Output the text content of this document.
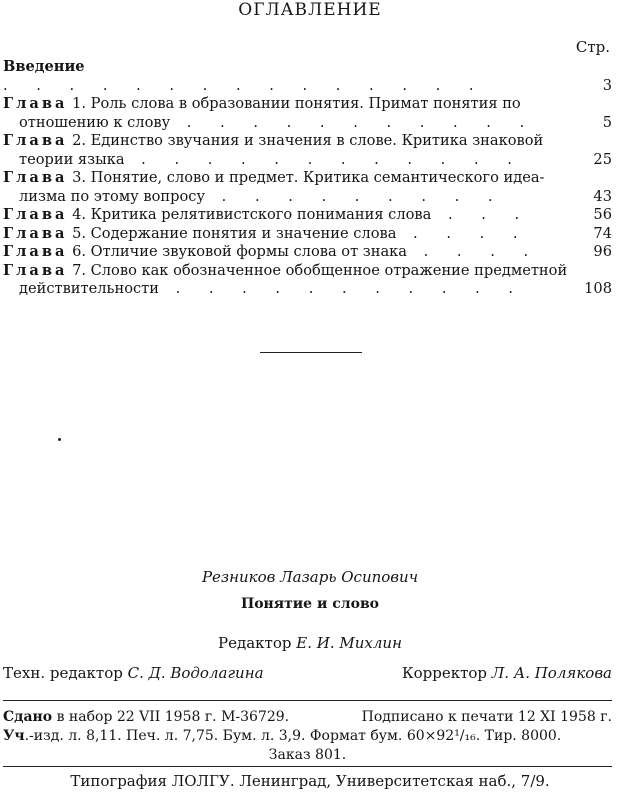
ОГЛАВЛЕНИЕ
Стр.
Введение . . . . . . . . . . . . . . .	3
Глава 1. Роль слова в образовании понятия. Примат понятия по
отношению к слову . . . . . . . . . . .	5
Глава 2. Единство звучания и значения в слове. Критика знаковой
теории языка . . . . . . . . . . . .	25
Глава 3. Понятие, слово и предмет. Критика семантического идеа-
лизма по этому вопросу . . . . . . . . .	43
Глава 4. Критика релятивистского понимания слова . . .	56
Глава 5. Содержание понятия и значение слова . . . .	74
Глава 6. Отличие звуковой формы слова от знака . . . .	96
Глава 7. Слово как обозначенное обобщенное отражение предметной
действительности . . . . . . . . . . .	108
Резников Лазарь Осипович
Понятие и слово
Редактор Е. И. Михлин
Техн. редактор С. Д. Водолагина	Корректор Л. А. Полякова
Сдано в набор 22 VII 1958 г. М-36729.	Подписано к печати 12 XI 1958 г.
Уч.-изд. л. 8,11. Печ. л. 7,75. Бум. л. 3,9. Формат бум. 60×92¹/₁₆. Тир. 8000.
Заказ 801.
Типография ЛОЛГУ. Ленинград, Университетская наб., 7/9.
